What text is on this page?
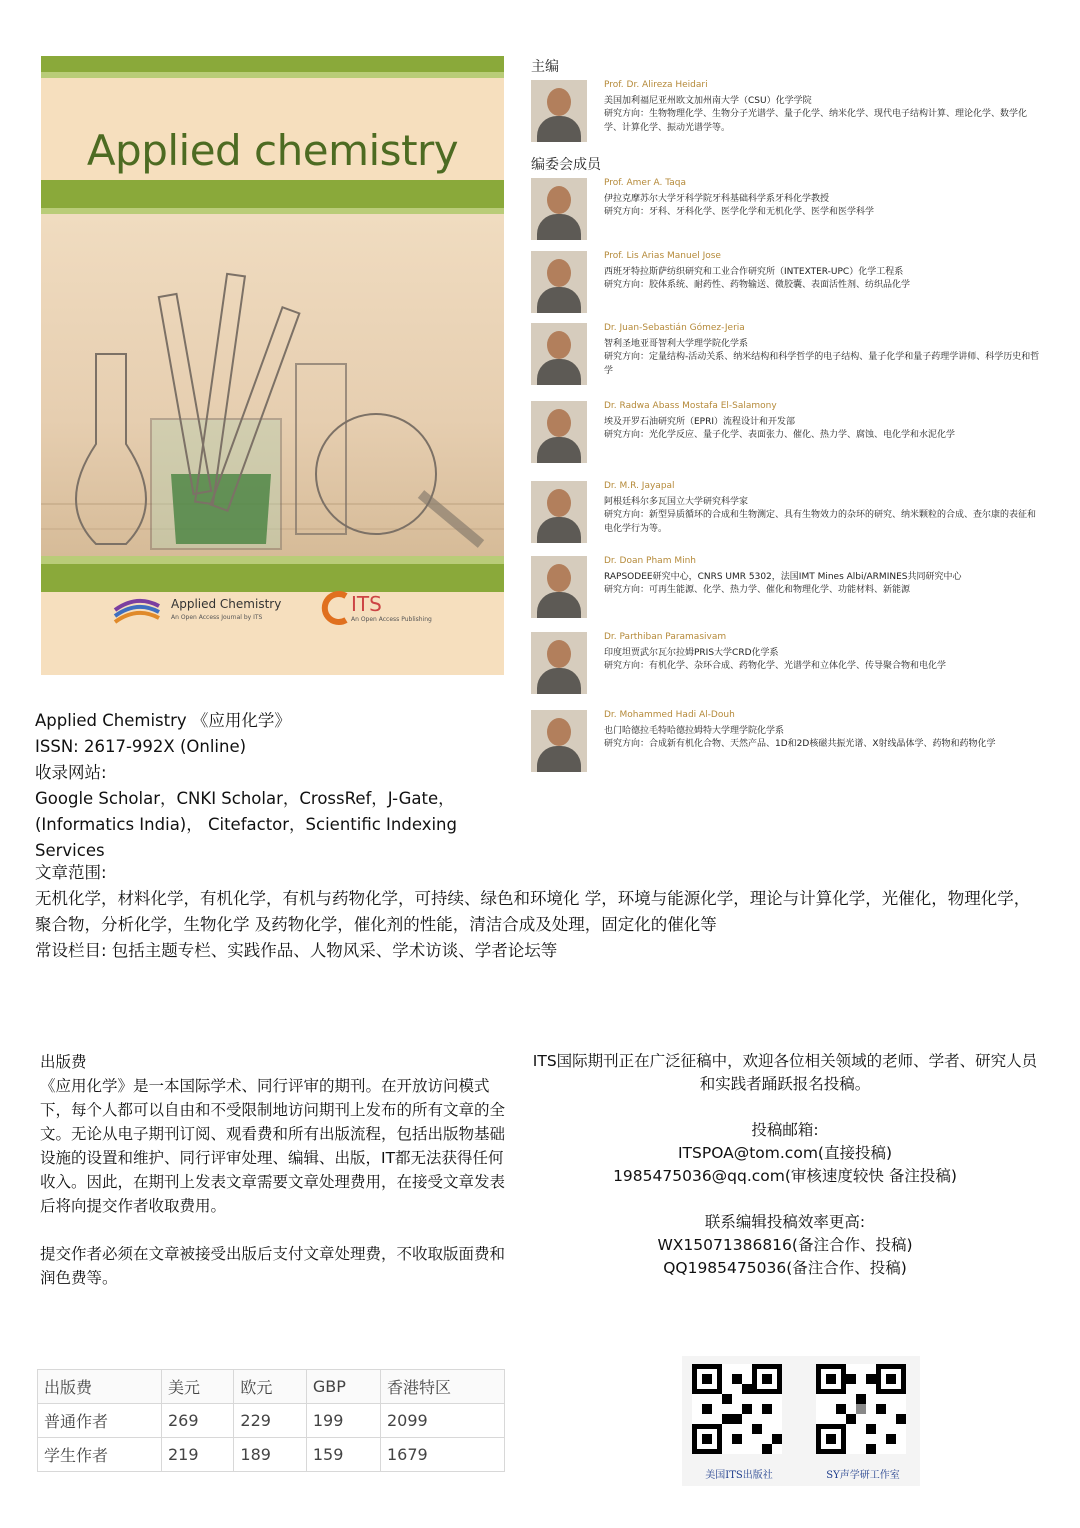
Applied chemistry
Applied Chemistry
An Open Access Journal by ITS
ITS
An Open Access Publishing
主编
Prof. Dr. Alireza Heidari
美国加利福尼亚州欧文加州南大学（CSU）化学学院
研究方向：生物物理化学、生物分子光谱学、量子化学、纳米化学、现代电子结构计算、理论化学、数学化学、计算化学、振动光谱学等。
编委会成员
Prof. Amer A. Taqa
伊拉克摩苏尔大学牙科学院牙科基础科学系牙科化学教授
研究方向：牙科、牙科化学、医学化学和无机化学、医学和医学科学
Prof. Lis Arias Manuel Jose
西班牙特拉斯萨纺织研究和工业合作研究所（INTEXTER-UPC）化学工程系
研究方向：胶体系统、耐药性、药物输送、微胶囊、表面活性剂、纺织品化学
Dr. Juan-Sebastián Gómez-Jeria
智利圣地亚哥智利大学理学院化学系
研究方向：定量结构-活动关系、纳米结构和科学哲学的电子结构、量子化学和量子药理学讲师、科学历史和哲学
Dr. Radwa Abass Mostafa El-Salamony
埃及开罗石油研究所（EPRI）流程设计和开发部
研究方向：光化学反应、量子化学、表面张力、催化、热力学、腐蚀、电化学和水泥化学
Dr. M.R. Jayapal
阿根廷科尔多瓦国立大学研究科学家
研究方向：新型异质循环的合成和生物测定、具有生物效力的杂环的研究、纳米颗粒的合成、查尔康的表征和电化学行为等。
Dr. Doan Pham Minh
RAPSODEE研究中心，CNRS UMR 5302，法国IMT Mines Albi/ARMINES共同研究中心
研究方向：可再生能源、化学、热力学、催化和物理化学、功能材料、新能源
Dr. Parthiban Paramasivam
印度坦贾武尔瓦尔拉姆PRIS大学CRD化学系
研究方向：有机化学、杂环合成、药物化学、光谱学和立体化学、传导聚合物和电化学
Dr. Mohammed Hadi Al-Douh
也门哈德拉毛特哈德拉姆特大学理学院化学系
研究方向：合成新有机化合物、天然产品、1D和2D核磁共振光谱、X射线晶体学、药物和药物化学
Applied Chemistry 《应用化学》
ISSN: 2617-992X (Online)
收录网站:
Google Scholar，CNKI Scholar，CrossRef，J-Gate，
(Informatics India)， Citefactor，Scientific Indexing
Services
文章范围:
无机化学，材料化学，有机化学，有机与药物化学，可持续、绿色和环境化 学，环境与能源化学，理论与计算化学，光催化，物理化学，聚合物，分析化学，生物化学 及药物化学，催化剂的性能，清洁合成及处理，固定化的催化等
常设栏目: 包括主题专栏、实践作品、人物风采、学术访谈、学者论坛等
出版费
《应用化学》是一本国际学术、同行评审的期刊。在开放访问模式下，每个人都可以自由和不受限制地访问期刊上发布的所有文章的全文。无论从电子期刊订阅、观看费和所有出版流程，包括出版物基础设施的设置和维护、同行评审处理、编辑、出版，IT都无法获得任何收入。因此，在期刊上发表文章需要文章处理费用，在接受文章发表后将向提交作者收取费用。
提交作者必须在文章被接受出版后支付文章处理费，不收取版面费和润色费等。
出版费	美元	欧元	GBP	香港特区
普通作者	269	229	199	2099
学生作者	219	189	159	1679
ITS国际期刊正在广泛征稿中，欢迎各位相关领域的老师、学者、研究人员和实践者踊跃报名投稿。
投稿邮箱:
ITSPOA@tom.com(直接投稿)
1985475036@qq.com(审核速度较快 备注投稿)
联系编辑投稿效率更高:
WX15071386816(备注合作、投稿)
QQ1985475036(备注合作、投稿)
美国ITS出版社	SY声学研工作室
